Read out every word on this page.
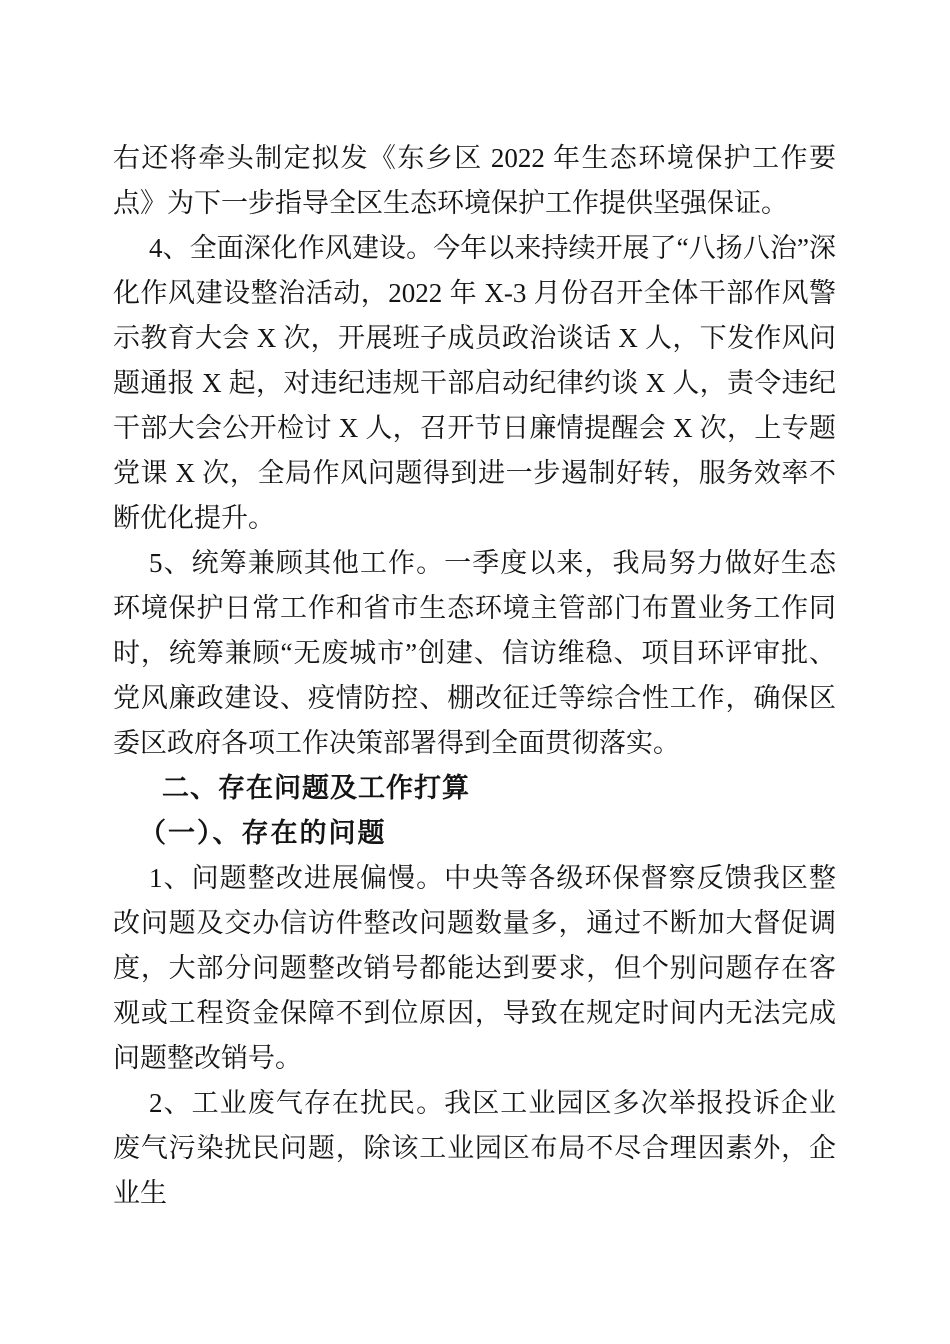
右还将牵头制定拟发《东乡区 2022 年生态环境保护工作要点》为下一步指导全区生态环境保护工作提供坚强保证。

4、全面深化作风建设。今年以来持续开展了“八扬八治”深化作风建设整治活动，2022 年 X-3 月份召开全体干部作风警示教育大会 X 次，开展班子成员政治谈话 X 人，下发作风问题通报 X 起，对违纪违规干部启动纪律约谈 X 人，责令违纪干部大会公开检讨 X 人，召开节日廉情提醒会 X 次，上专题党课 X 次，全局作风问题得到进一步遏制好转，服务效率不断优化提升。

5、统筹兼顾其他工作。一季度以来，我局努力做好生态环境保护日常工作和省市生态环境主管部门布置业务工作同时，统筹兼顾“无废城市”创建、信访维稳、项目环评审批、党风廉政建设、疫情防控、棚改征迁等综合性工作，确保区委区政府各项工作决策部署得到全面贯彻落实。

二、存在问题及工作打算

（一）、存在的问题

1、问题整改进展偏慢。中央等各级环保督察反馈我区整改问题及交办信访件整改问题数量多，通过不断加大督促调度，大部分问题整改销号都能达到要求，但个别问题存在客观或工程资金保障不到位原因，导致在规定时间内无法完成问题整改销号。

2、工业废气存在扰民。我区工业园区多次举报投诉企业废气污染扰民问题，除该工业园区布局不尽合理因素外，企业生
